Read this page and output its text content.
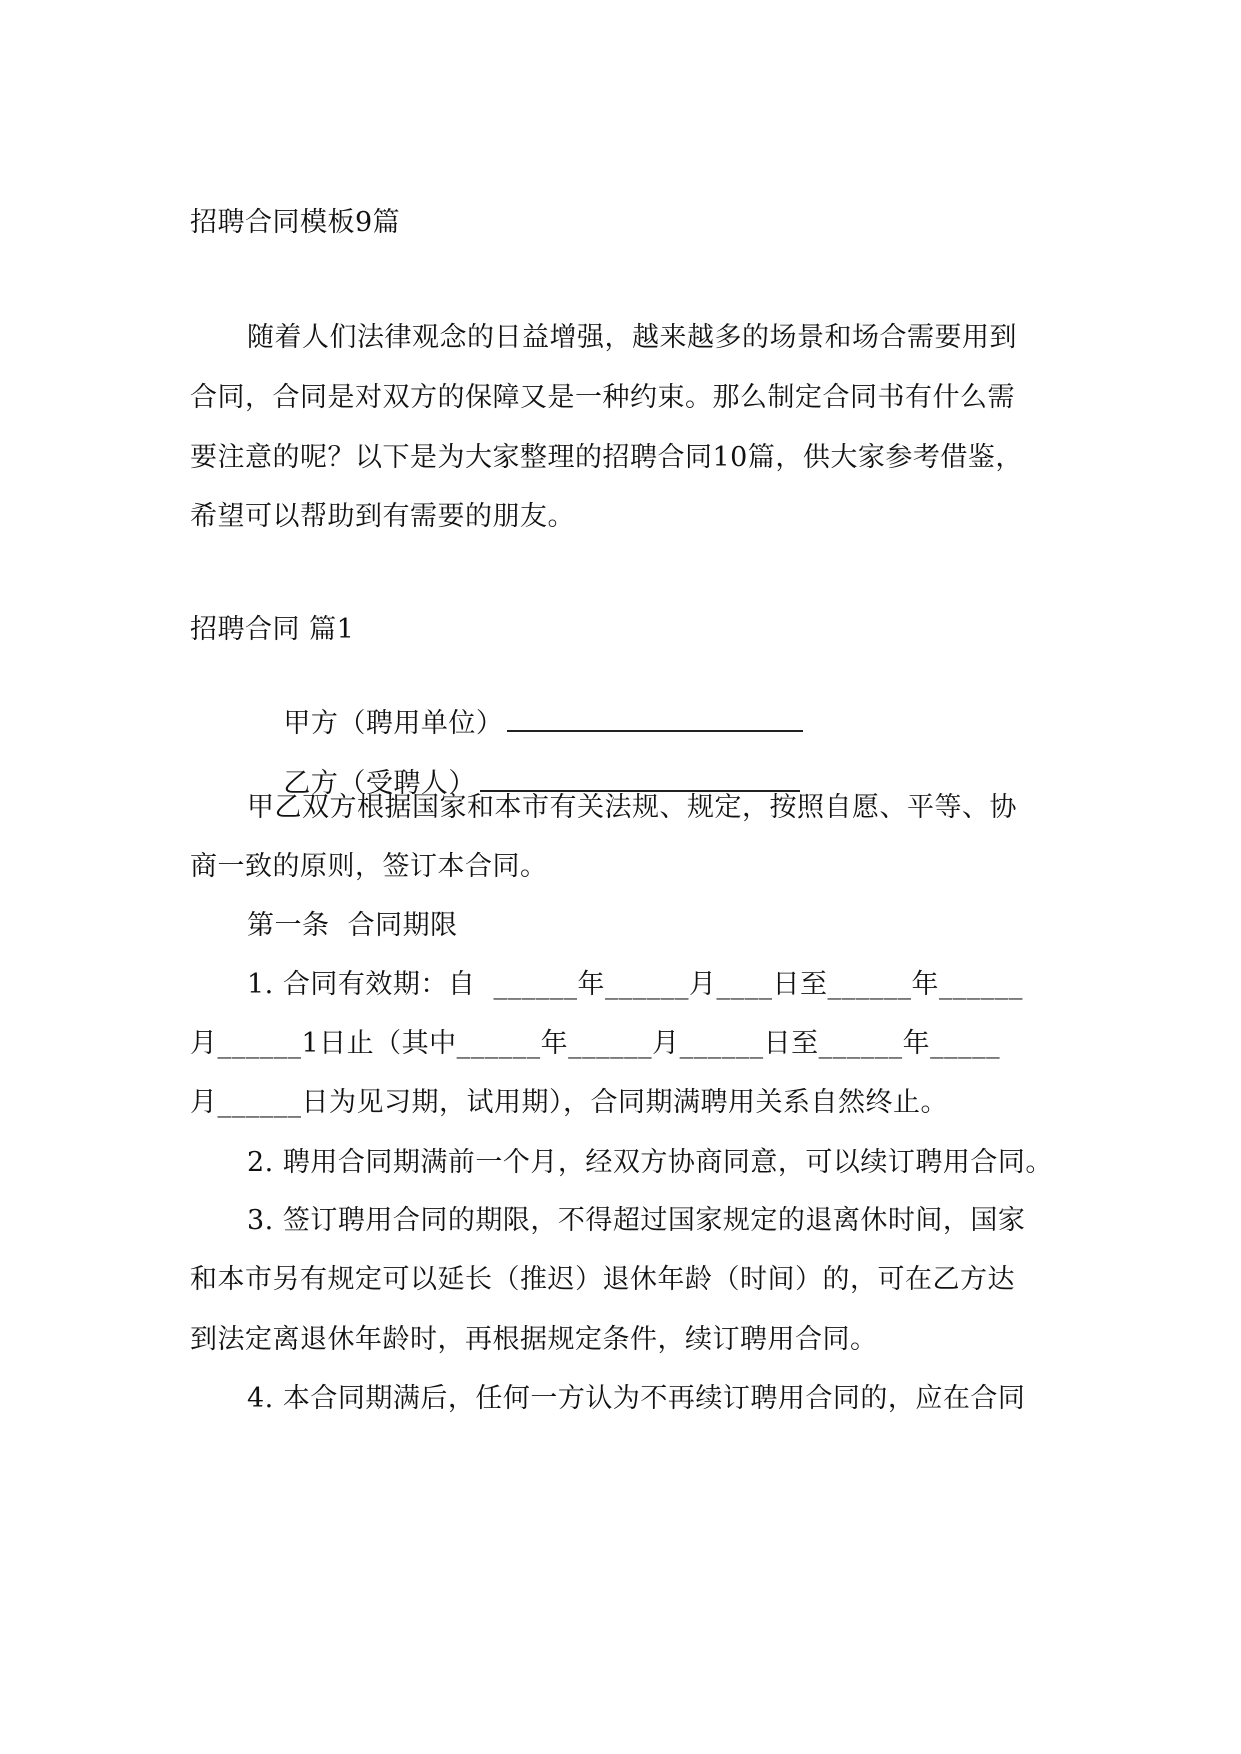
招聘合同模板9篇
随着人们法律观念的日益增强，越来越多的场景和场合需要用到
合同，合同是对双方的保障又是一种约束。那么制定合同书有什么需
要注意的呢？以下是为大家整理的招聘合同10篇，供大家参考借鉴，
希望可以帮助到有需要的朋友。
招聘合同 篇1

甲方（聘用单位）

乙方（受聘人）

甲乙双方根据国家和本市有关法规、规定，按照自愿、平等、协
商一致的原则，签订本合同。
第一条  合同期限
1. 合同有效期：自  ______年______月____日至______年______
月______1日止（其中______年______月______日至______年_____
月______日为见习期，试用期），合同期满聘用关系自然终止。
2. 聘用合同期满前一个月，经双方协商同意，可以续订聘用合同。
3. 签订聘用合同的期限，不得超过国家规定的退离休时间，国家
和本市另有规定可以延长（推迟）退休年龄（时间）的，可在乙方达
到法定离退休年龄时，再根据规定条件，续订聘用合同。
4. 本合同期满后，任何一方认为不再续订聘用合同的，应在合同
